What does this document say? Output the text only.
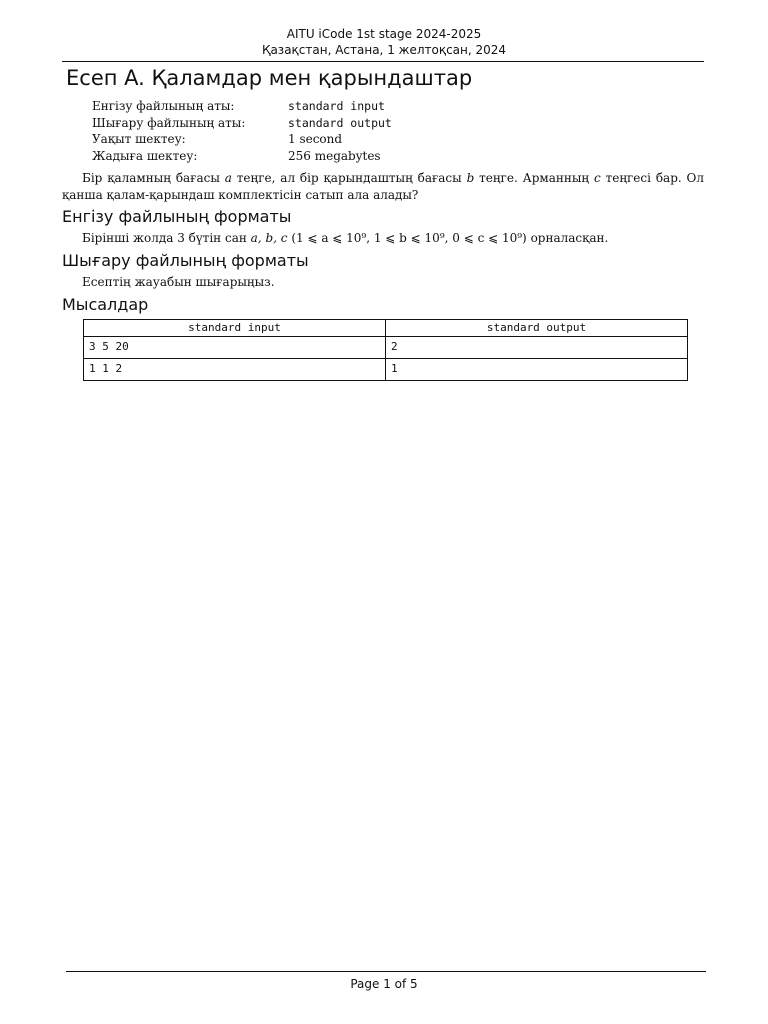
AITU iCode 1st stage 2024-2025
Қазақстан, Астана, 1 желтоқсан, 2024
Есеп A. Қаламдар мен қарындаштар
Енгізу файлының аты:	standard input
Шығару файлының аты:	standard output
Уақыт шектеу:	1 second
Жадыға шектеу:	256 megabytes

Бір қаламның бағасы a теңге, ал бір қарындаштың бағасы b теңге. Арманның c теңгесі бар. Ол қанша қалам-қарындаш комплектісін сатып ала алады?

Енгізу файлының форматы

Бірінші жолда 3 бүтін сан a, b, c (1 ⩽ a ⩽ 10⁹, 1 ⩽ b ⩽ 10⁹, 0 ⩽ c ⩽ 10⁹) орналасқан.

Шығару файлының форматы

Есептің жауабын шығарыңыз.

Мысалдар
standard input	standard output
3 5 20	2
1 1 2	1
Page 1 of 5
